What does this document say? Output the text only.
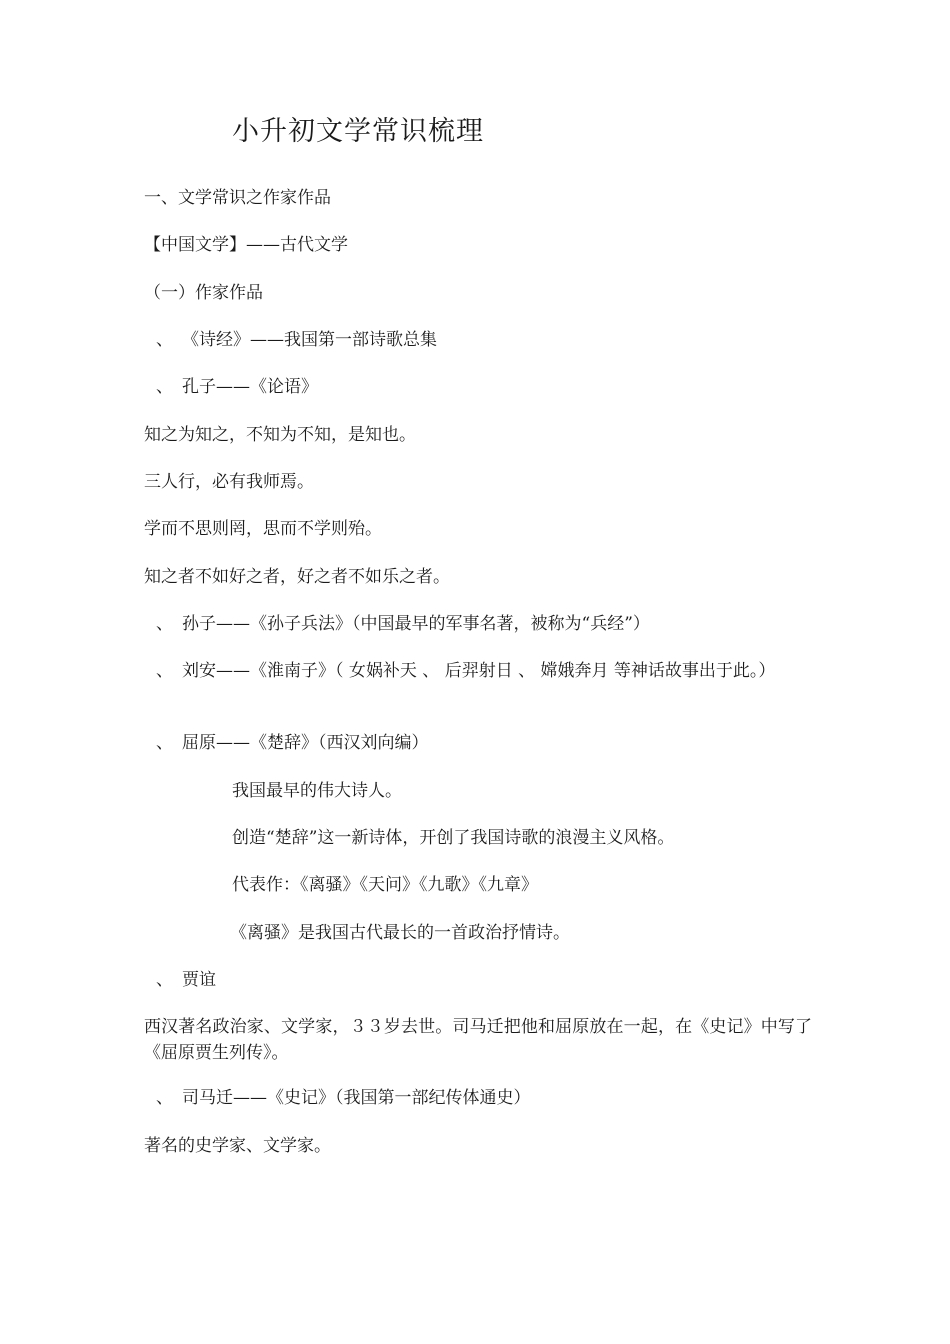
小升初文学常识梳理
一、文学常识之作家作品
【中国文学】——古代文学
（一）作家作品
、 《诗经》——我国第一部诗歌总集
、 孔子——《论语》
知之为知之，不知为不知，是知也。
三人行，必有我师焉。
学而不思则罔，思而不学则殆。
知之者不如好之者，好之者不如乐之者。
、 孙子——《孙子兵法》（中国最早的军事名著，被称为“兵经”）
、 刘安——《淮南子》（ 女娲补天 、 后羿射日 、 嫦娥奔月 等神话故事出于此。）
、 屈原——《楚辞》（西汉刘向编）
我国最早的伟大诗人。
创造“楚辞”这一新诗体，开创了我国诗歌的浪漫主义风格。
代表作：《离骚》《天问》《九歌》《九章》
《离骚》是我国古代最长的一首政治抒情诗。
、 贾谊
西汉著名政治家、文学家，３３岁去世。司马迁把他和屈原放在一起，在《史记》中写了《屈原贾生列传》。
、 司马迁——《史记》（我国第一部纪传体通史）
著名的史学家、文学家。
